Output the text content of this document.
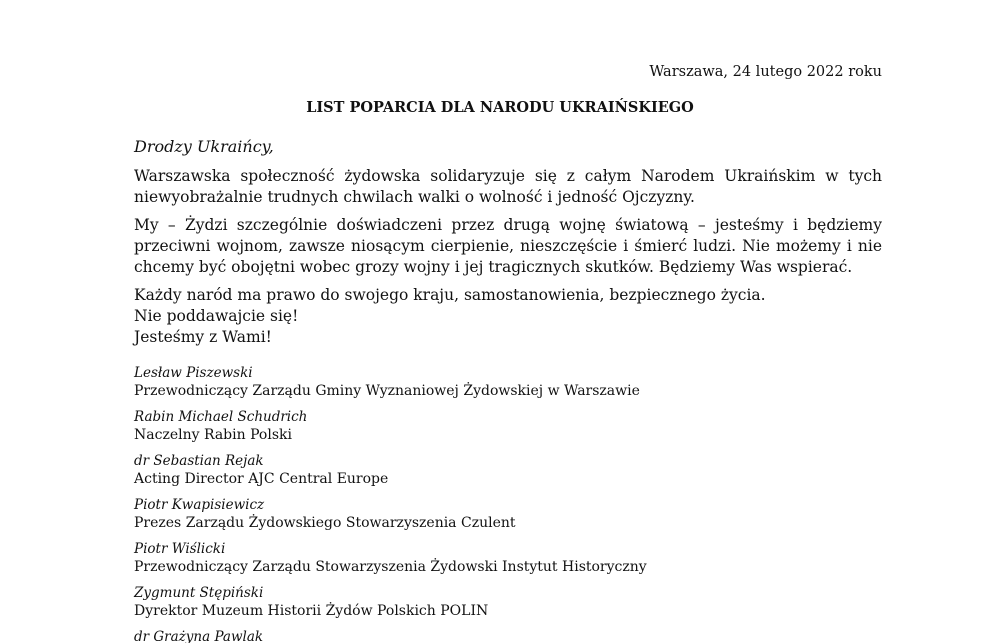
Warszawa, 24 lutego 2022 roku
LIST POPARCIA DLA NARODU UKRAIŃSKIEGO
Drodzy Ukraińcy,
Warszawska społeczność żydowska solidaryzuje się z całym Narodem Ukraińskim w tych niewyobrażalnie trudnych chwilach walki o wolność i jedność Ojczyzny.
My – Żydzi szczególnie doświadczeni przez drugą wojnę światową – jesteśmy i będziemy przeciwni wojnom, zawsze niosącym cierpienie, nieszczęście i śmierć ludzi. Nie możemy i nie chcemy być obojętni wobec grozy wojny i jej tragicznych skutków. Będziemy Was wspierać.
Każdy naród ma prawo do swojego kraju, samostanowienia, bezpiecznego życia.
Nie poddawajcie się!
Jesteśmy z Wami!
Lesław Piszewski
Przewodniczący Zarządu Gminy Wyznaniowej Żydowskiej w Warszawie
Rabin Michael Schudrich
Naczelny Rabin Polski
dr Sebastian Rejak
Acting Director AJC Central Europe
Piotr Kwapisiewicz
Prezes Zarządu Żydowskiego Stowarzyszenia Czulent
Piotr Wiślicki
Przewodniczący Zarządu Stowarzyszenia Żydowski Instytut Historyczny
Zygmunt Stępiński
Dyrektor Muzeum Historii Żydów Polskich POLIN
dr Grażyna Pawlak
